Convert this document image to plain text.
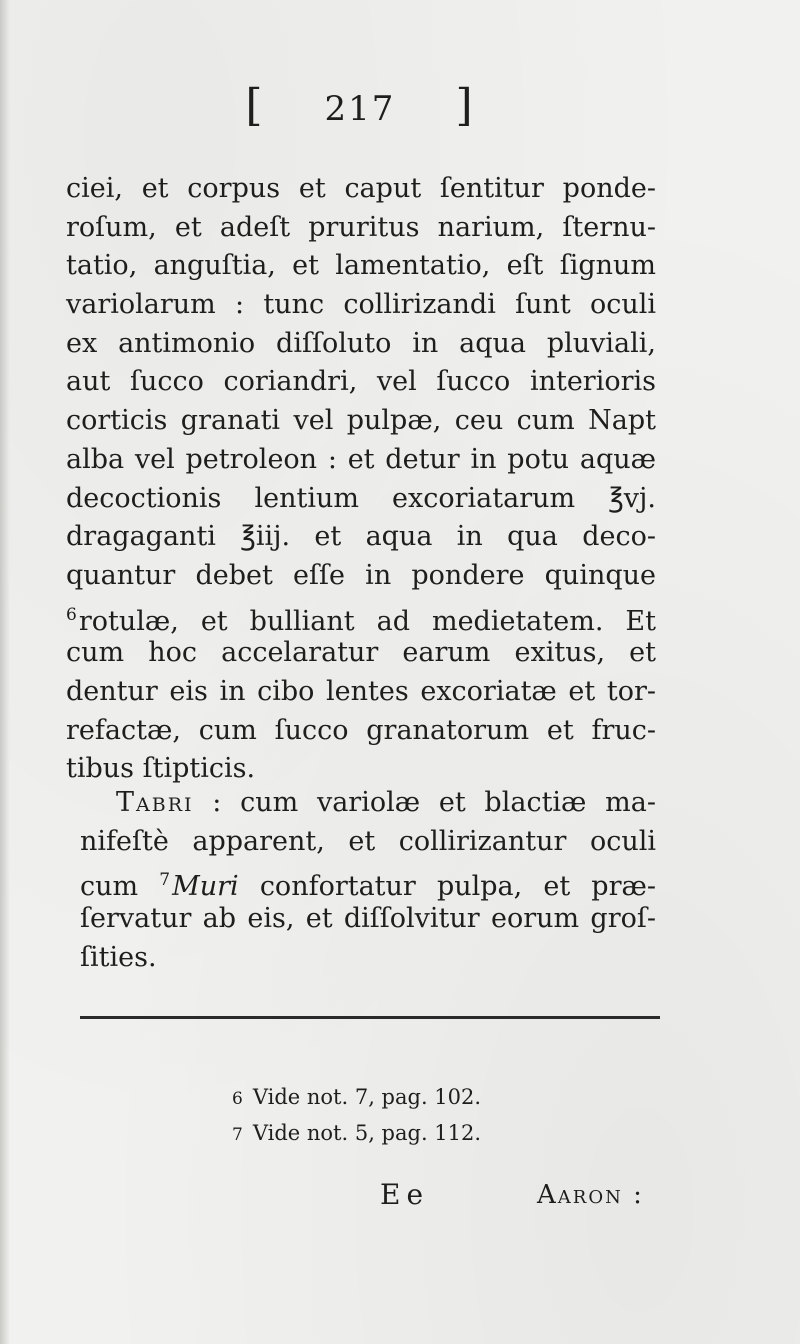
[ 217 ]
ciei, et corpus et caput ſentitur ponde-
roſum, et adeſt pruritus narium, ſternu-
tatio, anguſtia, et lamentatio, eſt ſignum
variolarum : tunc collirizandi ſunt oculi
ex antimonio diſſoluto in aqua pluviali,
aut ſucco coriandri, vel ſucco interioris
corticis granati vel pulpæ, ceu cum Napt
alba vel petroleon : et detur in potu aquæ
decoctionis lentium excoriatarum ℥vj.
dragaganti ℥iij. et aqua in qua deco-
quantur debet eſſe in pondere quinque
$^6$rotulæ, et bulliant ad medietatem. Et
cum hoc accelaratur earum exitus, et
dentur eis in cibo lentes excoriatæ et tor-
refactæ, cum ſucco granatorum et fruc-
tibus ſtipticis.
Tabri : cum variolæ et blactiæ ma-
nifeſtè apparent, et collirizantur oculi
cum $^7$Muri confortatur pulpa, et præ-
ſervatur ab eis, et diſſolvitur eorum groſ-
ſities.
6 Vide not. 7, pag. 102.
7 Vide not. 5, pag. 112.
Ee	Aaron :
